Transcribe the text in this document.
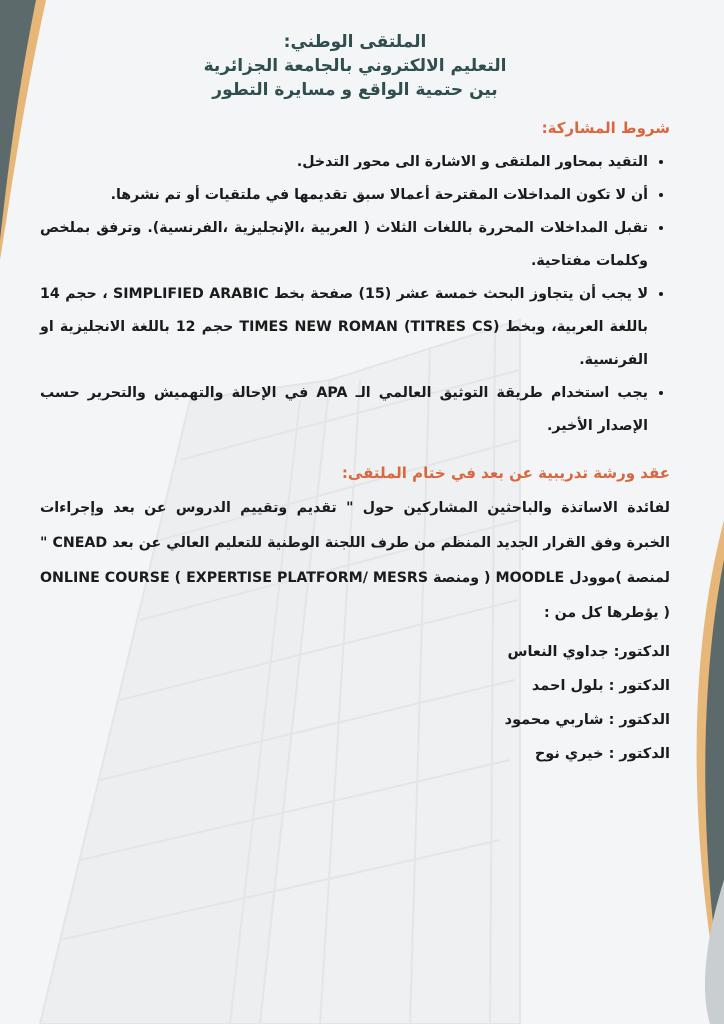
الملتقى الوطني:
التعليم الالكتروني بالجامعة الجزائرية
بين حتمية الواقع و مسايرة التطور
شروط المشاركة:
• التقيد بمحاور الملتقى و الاشارة الى محور التدخل.
• أن لا تكون المداخلات المقترحة أعمالا سبق تقديمها في ملتقيات أو تم نشرها.
• تقبل المداخلات المحررة باللغات الثلاث ( العربية ،الإنجليزية ،الفرنسية). وترفق بملخص وكلمات مفتاحية.
• لا يجب أن يتجاوز البحث خمسة عشر (15) صفحة بخط SIMPLIFIED ARABIC ، حجم 14 باللغة العربية، وبخط TIMES NEW ROMAN (TITRES CS) حجم 12 باللغة الانجليزية او الفرنسية.
• يجب استخدام طريقة التوثيق العالمي الـ APA في الإحالة والتهميش والتحرير حسب الإصدار الأخير.
عقد ورشة تدريبية عن بعد في ختام الملتقى:

لفائدة الاساتذة والباحثين المشاركين حول " تقديم وتقييم الدروس عن بعد وإجراءات الخبرة وفق القرار الجديد المنظم من طرف اللجنة الوطنية للتعليم العالي عن بعد CNEAD " لمنصة )موودل MOODLE ( ومنصة ONLINE COURSE ( EXPERTISE PLATFORM/ MESRS ) يؤطرها كل من :

الدكتور: جداوي النعاس
الدكتور : بلول احمد
الدكتور : شاربي محمود
الدكتور : خيري نوح
